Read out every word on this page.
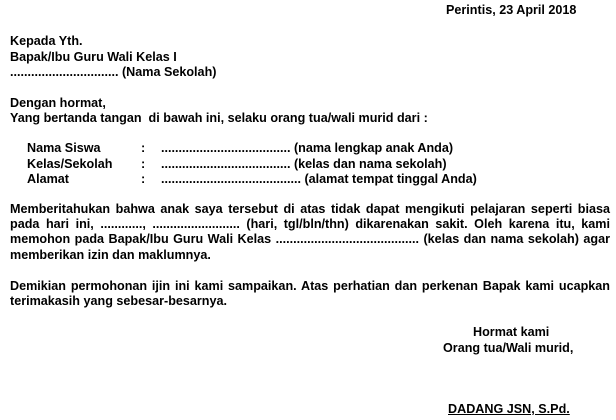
Perintis, 23 April 2018

Kepada Yth.

Bapak/Ibu Guru Wali Kelas I

............................... (Nama Sekolah)

Dengan hormat,

Yang bertanda tangan  di bawah ini, selaku orang tua/wali murid dari :

Nama Siswa	: ..................................... (nama lengkap anak Anda)
Kelas/Sekolah : ..................................... (kelas dan nama sekolah)
Alamat	: ........................................ (alamat tempat tinggal Anda)

Memberitahukan bahwa anak saya tersebut di atas tidak dapat mengikuti pelajaran seperti biasa pada hari ini, ............, ......................... (hari, tgl/bln/thn) dikarenakan sakit. Oleh karena itu, kami memohon pada Bapak/Ibu Guru Wali Kelas ......................................... (kelas dan nama sekolah) agar memberikan izin dan maklumnya.

Demikian permohonan ijin ini kami sampaikan. Atas perhatian dan perkenan Bapak kami ucapkan terimakasih yang sebesar-besarnya.

Hormat kami

Orang tua/Wali murid,

DADANG JSN, S.Pd.
